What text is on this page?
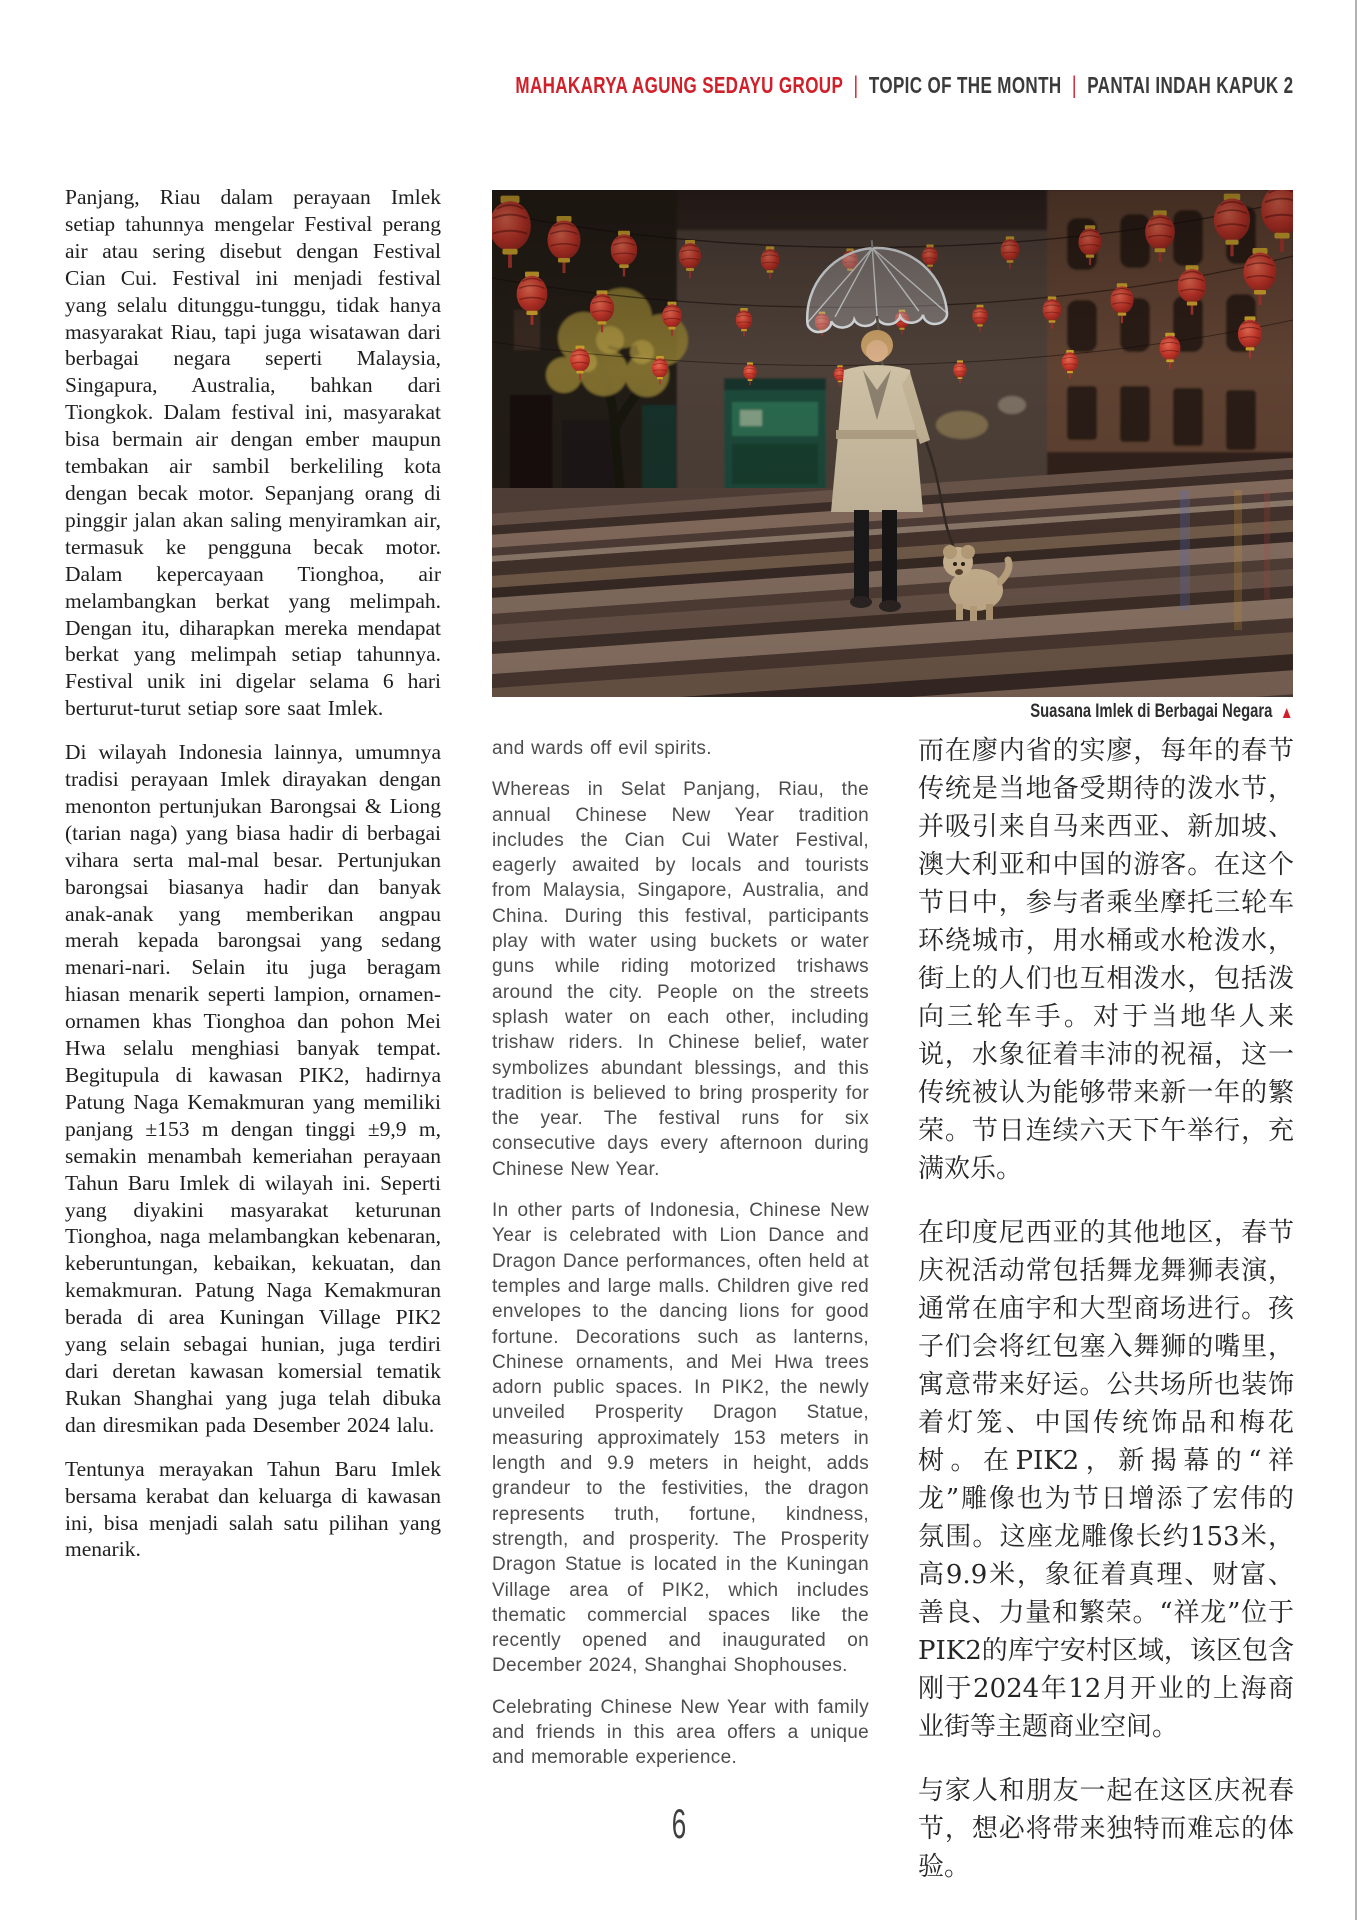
MAHAKARYA AGUNG SEDAYU GROUP | TOPIC OF THE MONTH | PANTAI INDAH KAPUK 2
Suasana Imlek di Berbagai Negara ▲

Panjang, Riau dalam perayaan Imlek setiap tahunnya mengelar Festival perang air atau sering disebut dengan Festival Cian Cui. Festival ini menjadi festival yang selalu ditunggu-tunggu, tidak hanya masyarakat Riau, tapi juga wisatawan dari berbagai negara seperti Malaysia, Singapura, Australia, bahkan dari Tiongkok. Dalam festival ini, masyarakat bisa bermain air dengan ember maupun tembakan air sambil berkeliling kota dengan becak motor. Sepanjang orang di pinggir jalan akan saling menyiramkan air, termasuk ke pengguna becak motor. Dalam kepercayaan Tionghoa, air melambangkan berkat yang melimpah. Dengan itu, diharapkan mereka mendapat berkat yang melimpah setiap tahunnya. Festival unik ini digelar selama 6 hari berturut-turut setiap sore saat Imlek.

Di wilayah Indonesia lainnya, umumnya tradisi perayaan Imlek dirayakan dengan menonton pertunjukan Barongsai & Liong (tarian naga) yang biasa hadir di berbagai vihara serta mal-mal besar. Pertunjukan barongsai biasanya hadir dan banyak anak-anak yang memberikan angpau merah kepada barongsai yang sedang menari-nari. Selain itu juga beragam hiasan menarik seperti lampion, ornamen-ornamen khas Tionghoa dan pohon Mei Hwa selalu menghiasi banyak tempat. Begitupula di kawasan PIK2, hadirnya Patung Naga Kemakmuran yang memiliki panjang ±153 m dengan tinggi ±9,9 m, semakin menambah kemeriahan perayaan Tahun Baru Imlek di wilayah ini. Seperti yang diyakini masyarakat keturunan Tionghoa, naga melambangkan kebenaran, keberuntungan, kebaikan, kekuatan, dan kemakmuran. Patung Naga Kemakmuran berada di area Kuningan Village PIK2 yang selain sebagai hunian, juga terdiri dari deretan kawasan komersial tematik Rukan Shanghai yang juga telah dibuka dan diresmikan pada Desember 2024 lalu.

Tentunya merayakan Tahun Baru Imlek bersama kerabat dan keluarga di kawasan ini, bisa menjadi salah satu pilihan yang menarik.

and wards off evil spirits.

Whereas in Selat Panjang, Riau, the annual Chinese New Year tradition includes the Cian Cui Water Festival, eagerly awaited by locals and tourists from Malaysia, Singapore, Australia, and China. During this festival, participants play with water using buckets or water guns while riding motorized trishaws around the city. People on the streets splash water on each other, including trishaw riders. In Chinese belief, water symbolizes abundant blessings, and this tradition is believed to bring prosperity for the year. The festival runs for six consecutive days every afternoon during Chinese New Year.

In other parts of Indonesia, Chinese New Year is celebrated with Lion Dance and Dragon Dance performances, often held at temples and large malls. Children give red envelopes to the dancing lions for good fortune. Decorations such as lanterns, Chinese ornaments, and Mei Hwa trees adorn public spaces. In PIK2, the newly unveiled Prosperity Dragon Statue, measuring approximately 153 meters in length and 9.9 meters in height, adds grandeur to the festivities, the dragon represents truth, fortune, kindness, strength, and prosperity. The Prosperity Dragon Statue is located in the Kuningan Village area of PIK2, which includes thematic commercial spaces like the recently opened and inaugurated on December 2024, Shanghai Shophouses.

Celebrating Chinese New Year with family and friends in this area offers a unique and memorable experience.

而在廖内省的实廖，每年的春节传统是当地备受期待的泼水节，并吸引来自马来西亚、新加坡、澳大利亚和中国的游客。在这个节日中，参与者乘坐摩托三轮车环绕城市，用水桶或水枪泼水，街上的人们也互相泼水，包括泼向三轮车手。对于当地华人来说，水象征着丰沛的祝福，这一传统被认为能够带来新一年的繁荣。节日连续六天下午举行，充满欢乐。

在印度尼西亚的其他地区，春节庆祝活动常包括舞龙舞狮表演，通常在庙宇和大型商场进行。孩子们会将红包塞入舞狮的嘴里，寓意带来好运。公共场所也装饰着灯笼、中国传统饰品和梅花树。在PIK2，新揭幕的“祥龙”雕像也为节日增添了宏伟的氛围。这座龙雕像长约153米，高9.9米，象征着真理、财富、善良、力量和繁荣。“祥龙”位于PIK2的库宁安村区域，该区包含刚于2024年12月开业的上海商业街等主题商业空间。

与家人和朋友一起在这区庆祝春节，想必将带来独特而难忘的体验。

6
